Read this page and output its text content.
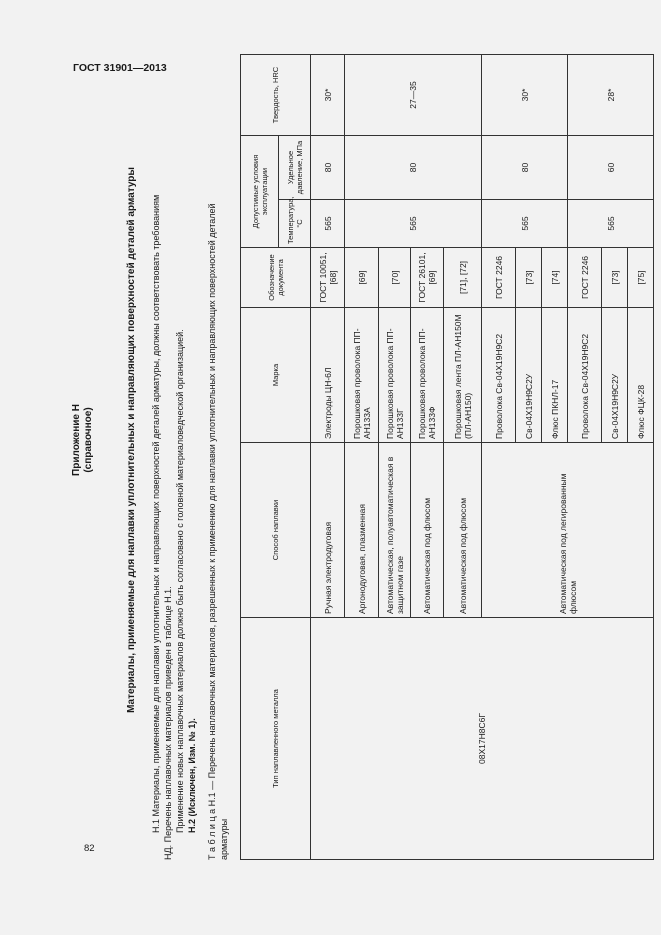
ГОСТ 31901—2013
82
Приложение Н (справочное)	Материалы, применяемые для наплавки уплотнительных и направляющих поверхностей деталей арматуры Н.1 Материалы, применяемые для наплавки уплотнительных и направляющих поверхностей деталей арматуры, должны соответствовать требованиям НД. Перечень наплавочных материалов приведен в таблице Н.1. Применение новых наплавочных материалов должно быть согласовано с головной материаловедческой организацией. Н.2 (Исключен, Изм. № 1). Т а б л и ц а Н.1 — Перечень наплавочных материалов, разрешенных к применению для наплавки уплотнительных и направляющих поверхностей деталей арматуры
Тип наплавленного металла	Способ наплавки	Марка	Обозначение документа	Допустимые условия эксплуатации		Твердость, HRC
				Температура, °С	Удельное давление, МПа	
08Х17Н8С6Г	Ручная электродуговая	Электроды ЦН-6Л	ГОСТ 10051, [68]	565	80	30*
	Аргонодуговая, плазменная	Порошковая проволока ПП-АН133А	[69]	565	80	27—35
	Автоматическая, полуавтоматическая в защитном газе	Порошковая проволока ПП-АН133Г	[70]			
	Автоматическая под флюсом	Порошковая проволока ПП-АН133Ф	ГОСТ 26101, [69]			
	Автоматическая под флюсом	Порошковая лента ПЛ-АН150М (ПЛ-АН150)	[71], [72]			
	Автоматическая под легированным флюсом	Проволока Св-04Х19Н9С2	ГОСТ 2246	565	80	30*
		Св-04Х19Н9С2У	[73]			
		Флюс ПКНЛ-17	[74]			
		Проволока Св-04Х19Н9С2	ГОСТ 2246	565	60	28*
		Св-04Х19Н9С2У	[73]			
		Флюс ФЦК-28	[75]			
